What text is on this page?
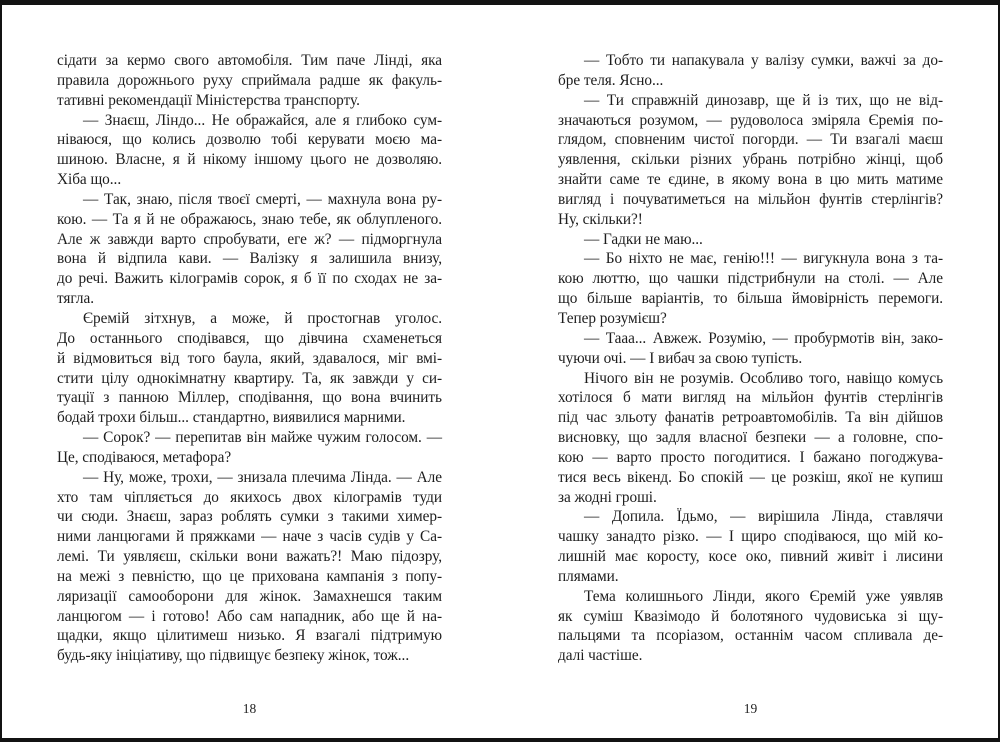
сідати за кермо свого автомобіля. Тим паче Лінді, яка
правила дорожнього руху сприймала радше як факуль-
тативні рекомендації Міністерства транспорту.
— Знаєш, Ліндо... Не ображайся, але я глибоко сум-
ніваюся, що колись дозволю тобі керувати моєю ма-
шиною. Власне, я й нікому іншому цього не дозволяю.
Хіба що...
— Так, знаю, після твоєї смерті, — махнула вона ру-
кою. — Та я й не ображаюсь, знаю тебе, як облупленого.
Але ж завжди варто спробувати, еге ж? — підморгнула
вона й відпила кави. — Валізку я залишила внизу,
до речі. Важить кілограмів сорок, я б її по сходах не за-
тягла.
Єремій зітхнув, а може, й простогнав уголос.
До останнього сподівався, що дівчина схаменеться
й відмовиться від того баула, який, здавалося, міг вмі-
стити цілу однокімнатну квартиру. Та, як завжди у си-
туації з панною Міллер, сподівання, що вона вчинить
бодай трохи більш... стандартно, виявилися марними.
— Сорок? — перепитав він майже чужим голосом. —
Це, сподіваюся, метафора?
— Ну, може, трохи, — знизала плечима Лінда. — Але
хто там чіпляється до якихось двох кілограмів туди
чи сюди. Знаєш, зараз роблять сумки з такими химер-
ними ланцюгами й пряжками — наче з часів судів у Са-
лемі. Ти уявляєш, скільки вони важать?! Маю підозру,
на межі з певністю, що це прихована кампанія з попу-
ляризації самооборони для жінок. Замахнешся таким
ланцюгом — і готово! Або сам нападник, або ще й на-
щадки, якщо цілитимеш низько. Я взагалі підтримую
будь-яку ініціативу, що підвищує безпеку жінок, тож...
— Тобто ти напакувала у валізу сумки, важчі за до-
бре теля. Ясно...
— Ти справжній динозавр, ще й із тих, що не від-
значаються розумом, — рудоволоса зміряла Єремія по-
глядом, сповненим чистої погорди. — Ти взагалі маєш
уявлення, скільки різних убрань потрібно жінці, щоб
знайти саме те єдине, в якому вона в цю мить матиме
вигляд і почуватиметься на мільйон фунтів стерлінгів?
Ну, скільки?!
— Гадки не маю...
— Бо ніхто не має, генію!!! — вигукнула вона з та-
кою люттю, що чашки підстрибнули на столі. — Але
що більше варіантів, то більша ймовірність перемоги.
Тепер розумієш?
— Тааа... Авжеж. Розумію, — пробурмотів він, зако-
чуючи очі. — І вибач за свою тупість.
Нічого він не розумів. Особливо того, навіщо комусь
хотілося б мати вигляд на мільйон фунтів стерлінгів
під час зльоту фанатів ретроавтомобілів. Та він дійшов
висновку, що задля власної безпеки — а головне, спо-
кою — варто просто погодитися. І бажано погоджува-
тися весь вікенд. Бо спокій — це розкіш, якої не купиш
за жодні гроші.
— Допила. Їдьмо, — вирішила Лінда, ставлячи
чашку занадто різко. — І щиро сподіваюся, що мій ко-
лишній має коросту, косе око, пивний живіт і лисини
плямами.
Тема колишнього Лінди, якого Єремій уже уявляв
як суміш Квазімодо й болотяного чудовиська зі щу-
пальцями та псоріазом, останнім часом спливала де-
далі частіше.
18	19
